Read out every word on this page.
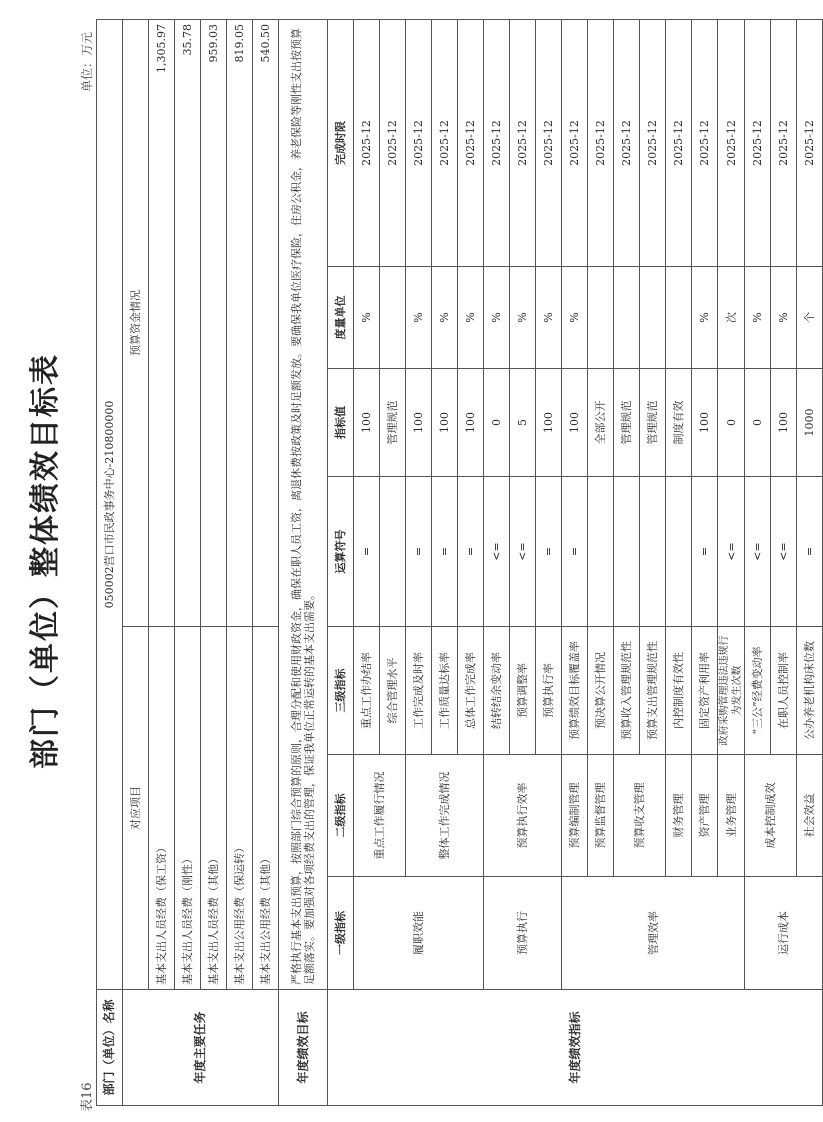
部门（单位）整体绩效目标表
表16
单位：万元
部门（单位）名称	050002营口市民政事务中心-210800000						
年度主要任务	对应项目			预算资金情况			
	基本支出人员经费（保工资）			1,305.97			
	基本支出人员经费（刚性）			35.78			
	基本支出人员经费（其他）			959.03			
	基本支出公用经费（保运转）			819.05			
	基本支出公用经费（其他）			540.50			
年度绩效目标	严格执行基本支出预算，按照部门综合预算的原则，合理分配和使用财政资金，确保在职人员工资，离退休费按政策及时足额发放。要确保我单位医疗保险，住房公积金，养老保险等刚性支出按预算足额落实。要加强对各项经费支出的管理，保证我单位正常运转的基本支出需要。						
年度绩效指标	一级指标	二级指标	三级指标	运算符号	指标值	度量单位	完成时限
	履职效能	重点工作履行情况	重点工作办结率	=	100	%	2025-12
			综合管理水平		管理规范		2025-12
		整体工作完成情况	工作完成及时率	=	100	%	2025-12
			工作质量达标率	=	100	%	2025-12
			总体工作完成率	=	100	%	2025-12
	预算执行	预算执行效率	结转结余变动率	<=	0	%	2025-12
			预算调整率	<=	5	%	2025-12
			预算执行率	=	100	%	2025-12
	管理效率	预算编制管理	预算绩效目标覆盖率	=	100	%	2025-12
		预算监督管理	预决算公开情况		全部公开		2025-12
		预算收支管理	预算收入管理规范性		管理规范		2025-12
			预算支出管理规范性		管理规范		2025-12
		财务管理	内控制度有效性		制度有效		2025-12
		资产管理	固定资产利用率	=	100	%	2025-12
		业务管理	政府采购管理违法违规行为发生次数	<=	0	次	2025-12
	运行成本	成本控制成效	“三公”经费变动率	<=	0	%	2025-12
			在职人员控制率	<=	100	%	2025-12
		社会效益	公办养老机构床位数	=	1000	个	2025-12
